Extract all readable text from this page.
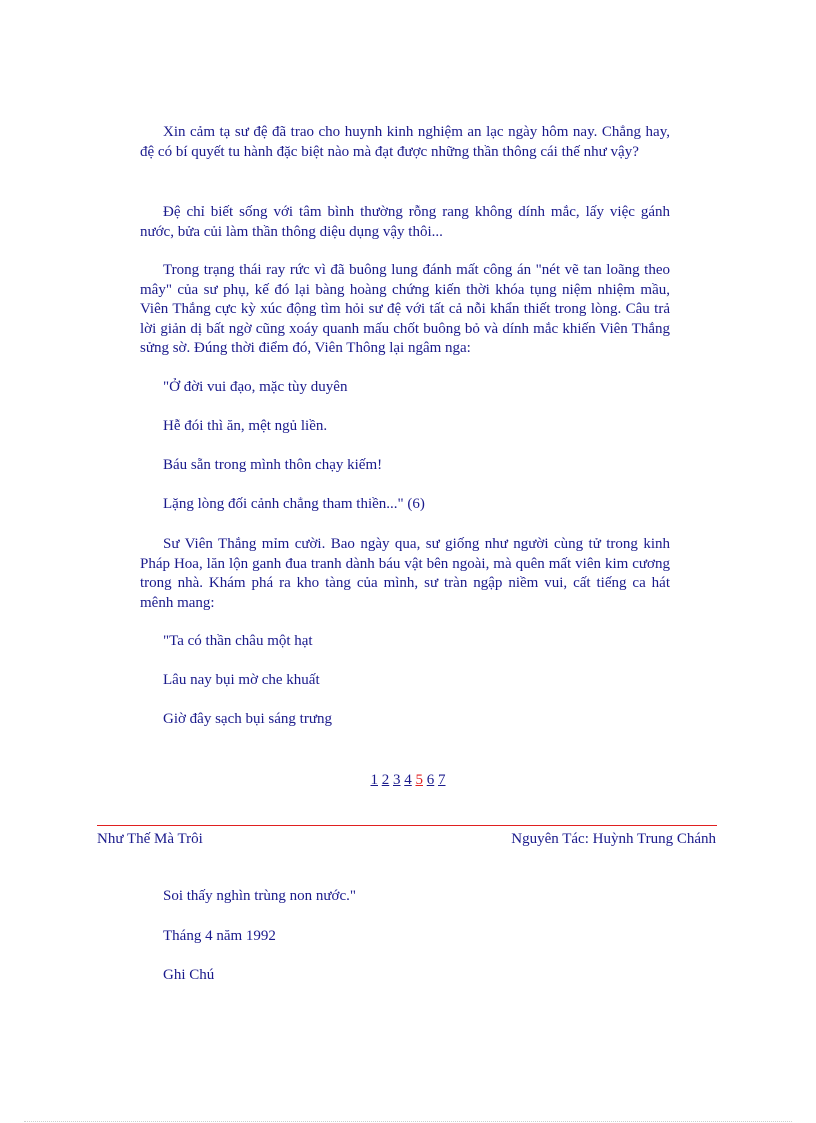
Xin cảm tạ sư đệ đã trao cho huynh kinh nghiệm an lạc ngày hôm nay. Chẳng hay, đệ có bí quyết tu hành đặc biệt nào mà đạt được những thần thông cái thế như vậy?

Đệ chỉ biết sống với tâm bình thường rỗng rang không dính mắc, lấy việc gánh nước, bửa củi làm thần thông diệu dụng vậy thôi...

Trong trạng thái ray rức vì đã buông lung đánh mất công án "nét vẽ tan loãng theo mây" của sư phụ, kế đó lại bàng hoàng chứng kiến thời khóa tụng niệm nhiệm mầu, Viên Thắng cực kỳ xúc động tìm hỏi sư đệ với tất cả nỗi khẩn thiết trong lòng. Câu trả lời giản dị bất ngờ cũng xoáy quanh mấu chốt buông bỏ và dính mắc khiến Viên Thắng sửng sờ. Đúng thời điểm đó, Viên Thông lại ngâm nga:

"Ở đời vui đạo, mặc tùy duyên

Hễ đói thì ăn, mệt ngủ liền.

Báu sẵn trong mình thôn chạy kiếm!

Lặng lòng đối cảnh chẳng tham thiền..." (6)

Sư Viên Thắng mỉm cười. Bao ngày qua, sư giống như người cùng tử trong kinh Pháp Hoa, lăn lộn ganh đua tranh dành báu vật bên ngoài, mà quên mất viên kim cương trong nhà. Khám phá ra kho tàng của mình, sư tràn ngập niềm vui, cất tiếng ca hát mênh mang:

"Ta có thần châu một hạt

Lâu nay bụi mờ che khuất

Giờ đây sạch bụi sáng trưng

1 2 3 4 5 6 7
Như Thế Mà Trôi	Nguyên Tác: Huỳnh Trung Chánh

Soi thấy nghìn trùng non nước."

Tháng 4 năm 1992

Ghi Chú
